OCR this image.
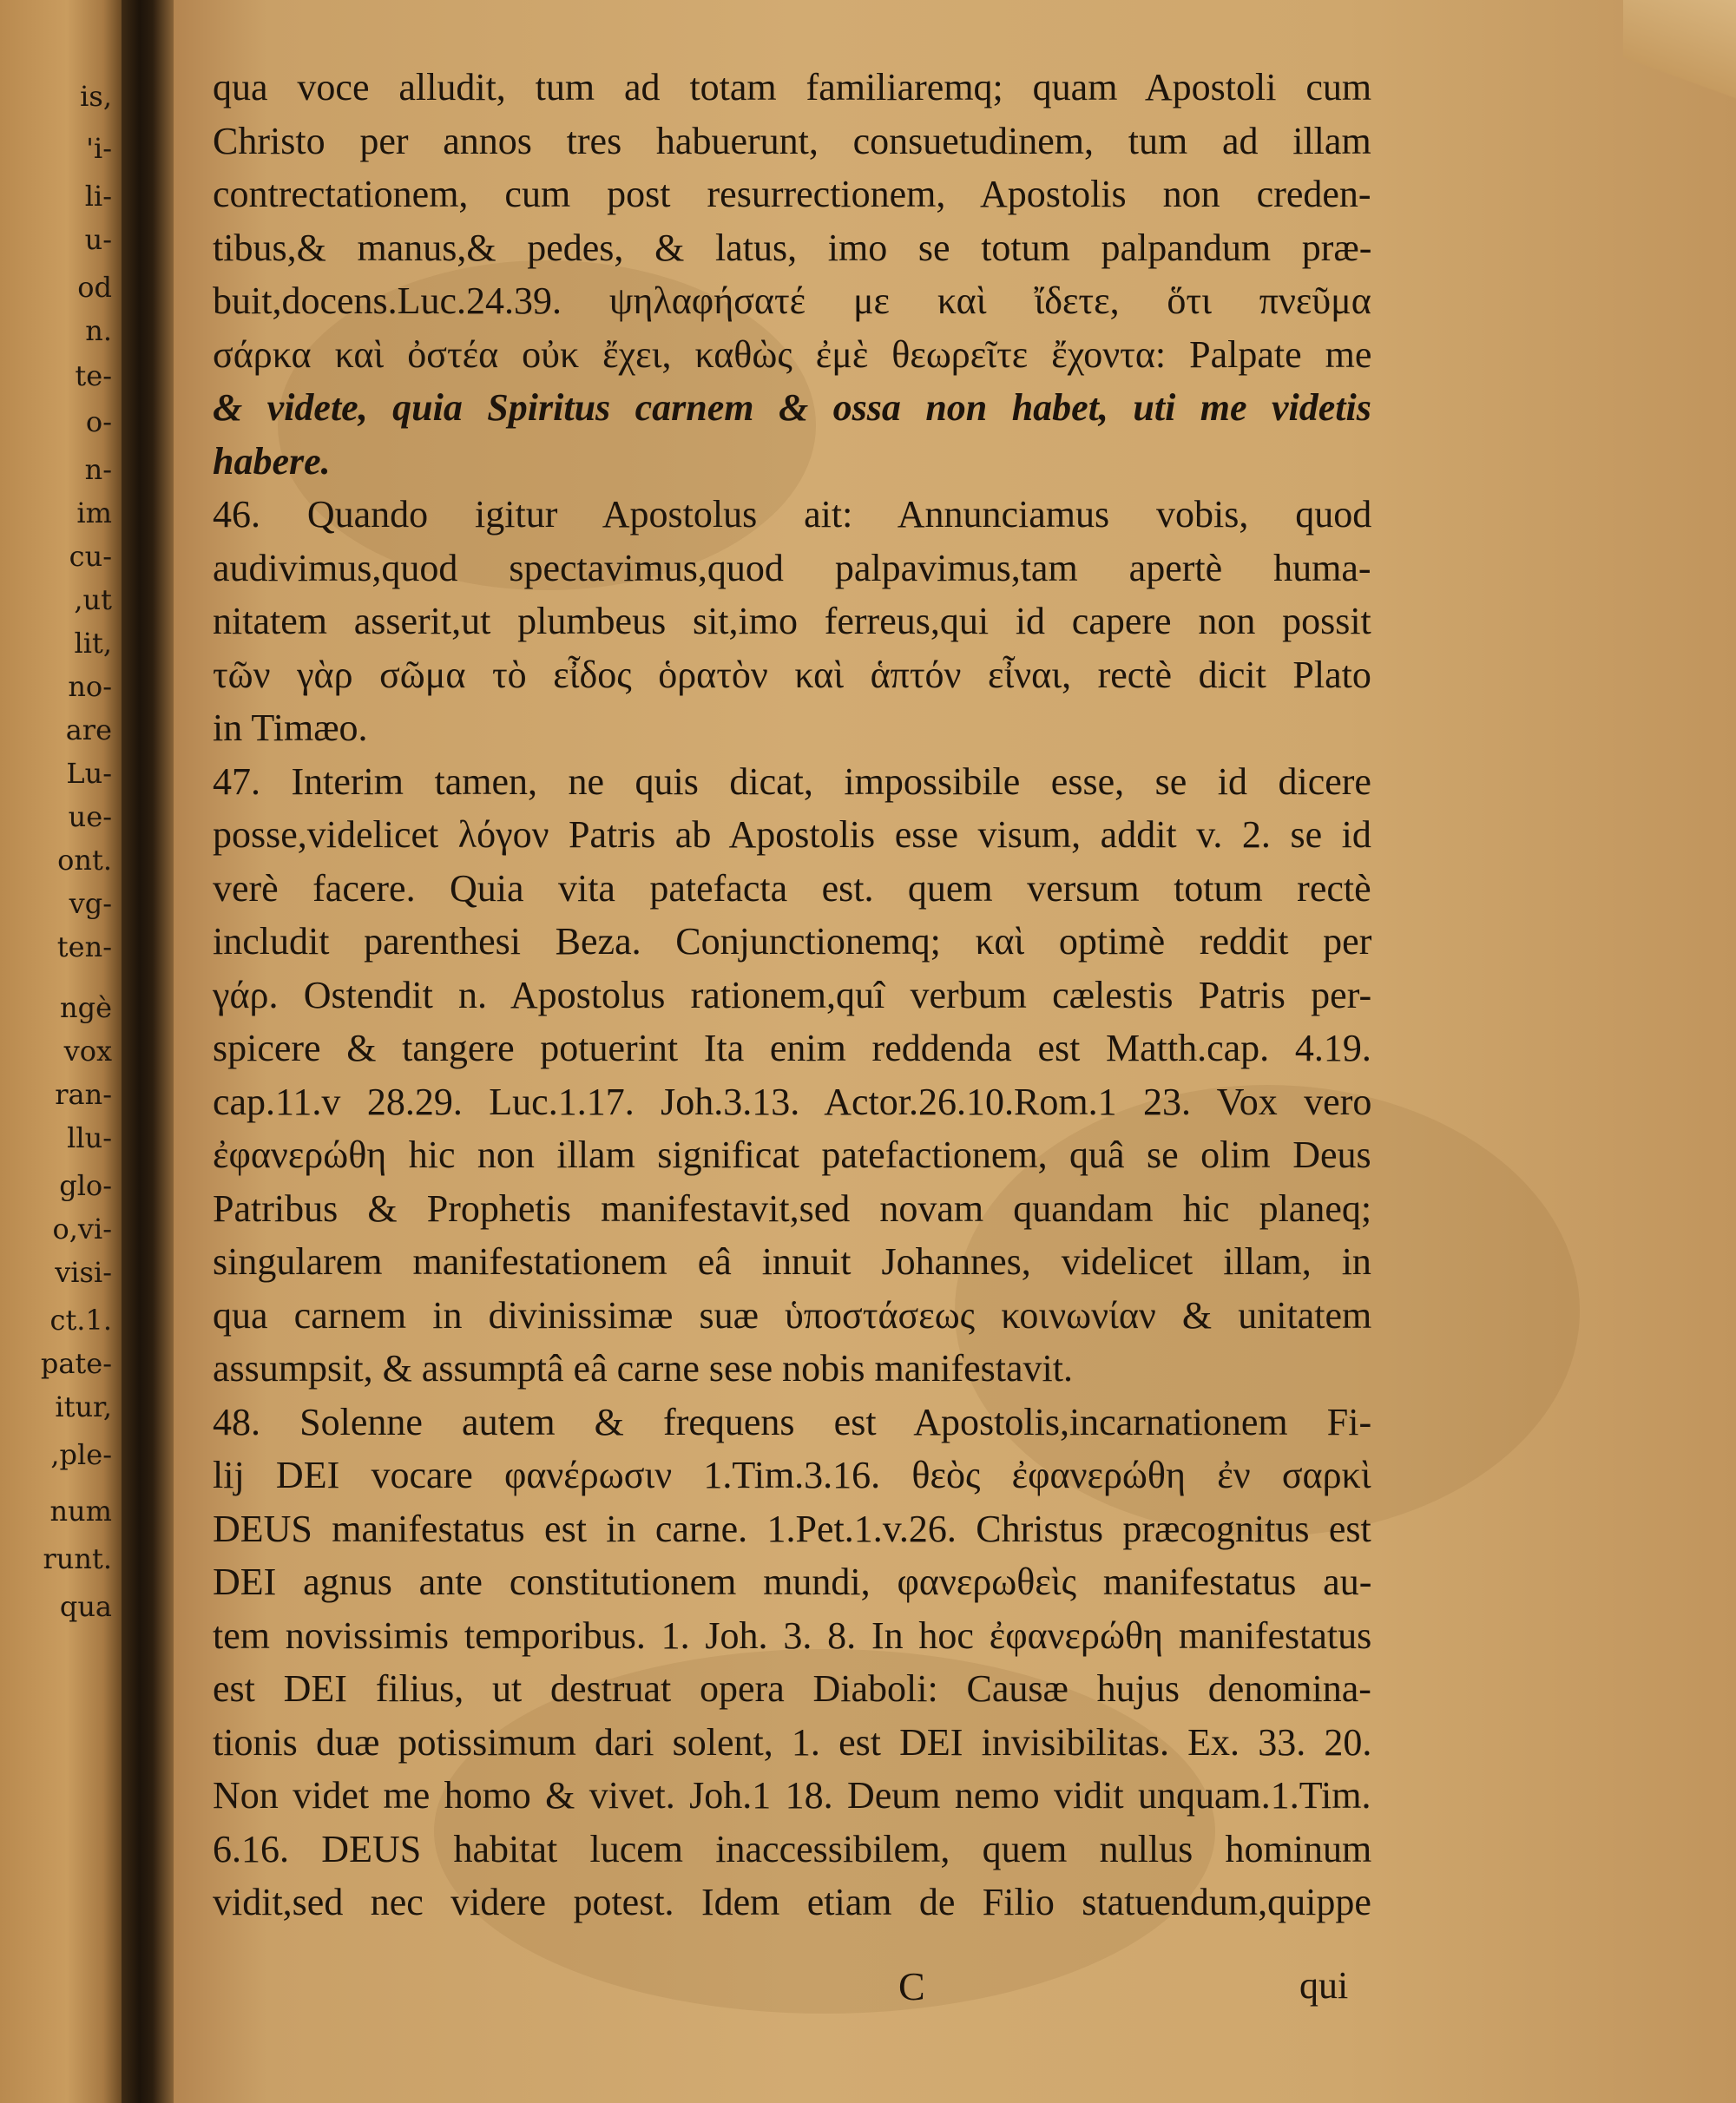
is,
'i-
li-
u-
od
n.
te-
o-
n-
im
cu-
,ut
lit,
no-
are
Lu-
ue-
ont.
vg-
ten-
ngè
vox
ran-
llu-
glo-
o,vi-
visi-
ct.1.
pate-
itur,
,ple-
num
runt.
qua
qua voce alludit, tum ad totam familiaremq; quam Apostoli cum
Christo per annos tres habuerunt, consuetudinem, tum ad illam
contrectationem, cum post resurrectionem, Apostolis non creden-
tibus,& manus,& pedes, & latus, imo se totum palpandum præ-
buit,docens.Luc.24.39. ψηλαφήσατέ με καὶ ἴδετε, ὅτι πνεῦμα
σάρκα καὶ ὀστέα οὐκ ἔχει, καθὼς ἐμὲ θεωρεῖτε ἔχοντα: Palpate me
& videte, quia Spiritus carnem & ossa non habet, uti me videtis
habere.
46. Quando igitur Apostolus ait: Annunciamus vobis, quod
audivimus,quod spectavimus,quod palpavimus,tam apertè huma-
nitatem asserit,ut plumbeus sit,imo ferreus,qui id capere non possit
τῶν γὰρ σῶμα τὸ εἶδος ὁρατὸν καὶ ἁπτόν εἶναι, rectè dicit Plato
in Timæo.
47. Interim tamen, ne quis dicat, impossibile esse, se id dicere
posse,videlicet λόγον Patris ab Apostolis esse visum, addit v. 2. se id
verè facere. Quia vita patefacta est. quem versum totum rectè
includit parenthesi Beza. Conjunctionemq; καὶ optimè reddit per
γάρ. Ostendit n. Apostolus rationem,quî verbum cælestis Patris per-
spicere & tangere potuerint Ita enim reddenda est Matth.cap. 4.19.
cap.11.v 28.29. Luc.1.17. Joh.3.13. Actor.26.10.Rom.1 23. Vox vero
ἐφανερώθη hic non illam significat patefactionem, quâ se olim Deus
Patribus & Prophetis manifestavit,sed novam quandam hic planeq;
singularem manifestationem eâ innuit Johannes, videlicet illam, in
qua carnem in divinissimæ suæ ὑποστάσεως κοινωνίαν & unitatem
assumpsit, & assumptâ eâ carne sese nobis manifestavit.
48. Solenne autem & frequens est Apostolis,incarnationem Fi-
lij DEI vocare φανέρωσιν 1.Tim.3.16. θεὸς ἐφανερώθη ἐν σαρκὶ
DEUS manifestatus est in carne. 1.Pet.1.v.26. Christus præcognitus est
DEI agnus ante constitutionem mundi, φανερωθεὶς manifestatus au-
tem novissimis temporibus. 1. Joh. 3. 8. In hoc ἐφανερώθη manifestatus
est DEI filius, ut destruat opera Diaboli: Causæ hujus denomina-
tionis duæ potissimum dari solent, 1. est DEI invisibilitas. Ex. 33. 20.
Non videt me homo & vivet. Joh.1 18. Deum nemo vidit unquam.1.Tim.
6.16. DEUS habitat lucem inaccessibilem, quem nullus hominum
vidit,sed nec videre potest. Idem etiam de Filio statuendum,quippe
C	qui
